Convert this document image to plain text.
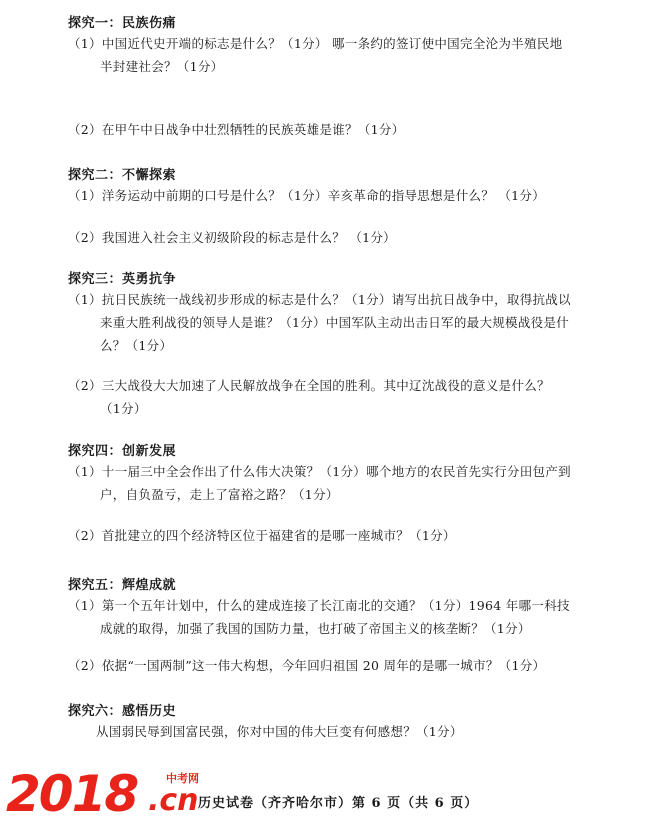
探究一：民族伤痛
（1）中国近代史开端的标志是什么？（1分） 哪一条约的签订使中国完全沦为半殖民地
半封建社会？（1分）
（2）在甲午中日战争中壮烈牺牲的民族英雄是谁？（1分）
探究二：不懈探索
（1）洋务运动中前期的口号是什么？（1分）辛亥革命的指导思想是什么？ （1分）
（2）我国进入社会主义初级阶段的标志是什么？ （1分）
探究三：英勇抗争
（1）抗日民族统一战线初步形成的标志是什么？（1分）请写出抗日战争中，取得抗战以
来重大胜利战役的领导人是谁？（1分）中国军队主动出击日军的最大规模战役是什
么？（1分）
（2）三大战役大大加速了人民解放战争在全国的胜利。其中辽沈战役的意义是什么？
（1分）
探究四：创新发展
（1）十一届三中全会作出了什么伟大决策？（1分）哪个地方的农民首先实行分田包产到
户，自负盈亏，走上了富裕之路？（1分）
（2）首批建立的四个经济特区位于福建省的是哪一座城市？（1分）
探究五：辉煌成就
（1）第一个五年计划中，什么的建成连接了长江南北的交通？（1分）1964 年哪一科技
成就的取得，加强了我国的国防力量，也打破了帝国主义的核垄断？（1分）
（2）依据“一国两制”这一伟大构想，今年回归祖国 20 周年的是哪一城市？（1分）
探究六：感悟历史
从国弱民辱到国富民强，你对中国的伟大巨变有何感想？（1分）
2018	中考网
.cn 历史试卷（齐齐哈尔市）第 6 页（共 6 页）
